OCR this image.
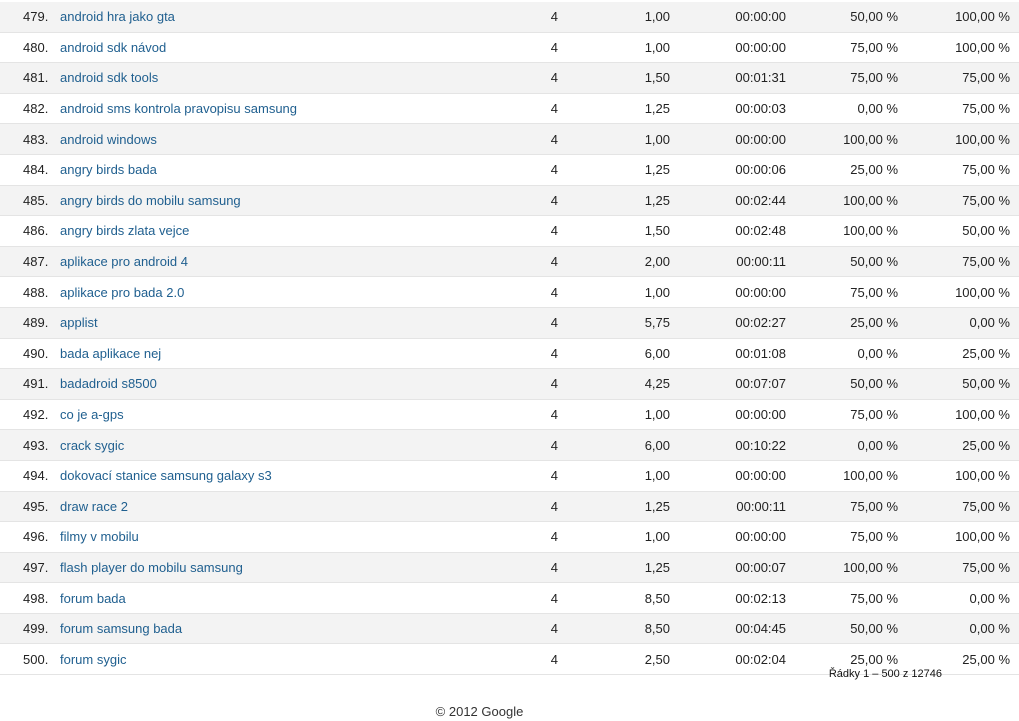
479.	android hra jako gta	4	1,00	00:00:00	50,00 %	100,00 %
480.	android sdk návod	4	1,00	00:00:00	75,00 %	100,00 %
481.	android sdk tools	4	1,50	00:01:31	75,00 %	75,00 %
482.	android sms kontrola pravopisu samsung	4	1,25	00:00:03	0,00 %	75,00 %
483.	android windows	4	1,00	00:00:00	100,00 %	100,00 %
484.	angry birds bada	4	1,25	00:00:06	25,00 %	75,00 %
485.	angry birds do mobilu samsung	4	1,25	00:02:44	100,00 %	75,00 %
486.	angry birds zlata vejce	4	1,50	00:02:48	100,00 %	50,00 %
487.	aplikace pro android 4	4	2,00	00:00:11	50,00 %	75,00 %
488.	aplikace pro bada 2.0	4	1,00	00:00:00	75,00 %	100,00 %
489.	applist	4	5,75	00:02:27	25,00 %	0,00 %
490.	bada aplikace nej	4	6,00	00:01:08	0,00 %	25,00 %
491.	badadroid s8500	4	4,25	00:07:07	50,00 %	50,00 %
492.	co je a-gps	4	1,00	00:00:00	75,00 %	100,00 %
493.	crack sygic	4	6,00	00:10:22	0,00 %	25,00 %
494.	dokovací stanice samsung galaxy s3	4	1,00	00:00:00	100,00 %	100,00 %
495.	draw race 2	4	1,25	00:00:11	75,00 %	75,00 %
496.	filmy v mobilu	4	1,00	00:00:00	75,00 %	100,00 %
497.	flash player do mobilu samsung	4	1,25	00:00:07	100,00 %	75,00 %
498.	forum bada	4	8,50	00:02:13	75,00 %	0,00 %
499.	forum samsung bada	4	8,50	00:04:45	50,00 %	0,00 %
500.	forum sygic	4	2,50	00:02:04	25,00 %	25,00 %
Řádky 1 – 500 z 12746
© 2012 Google
